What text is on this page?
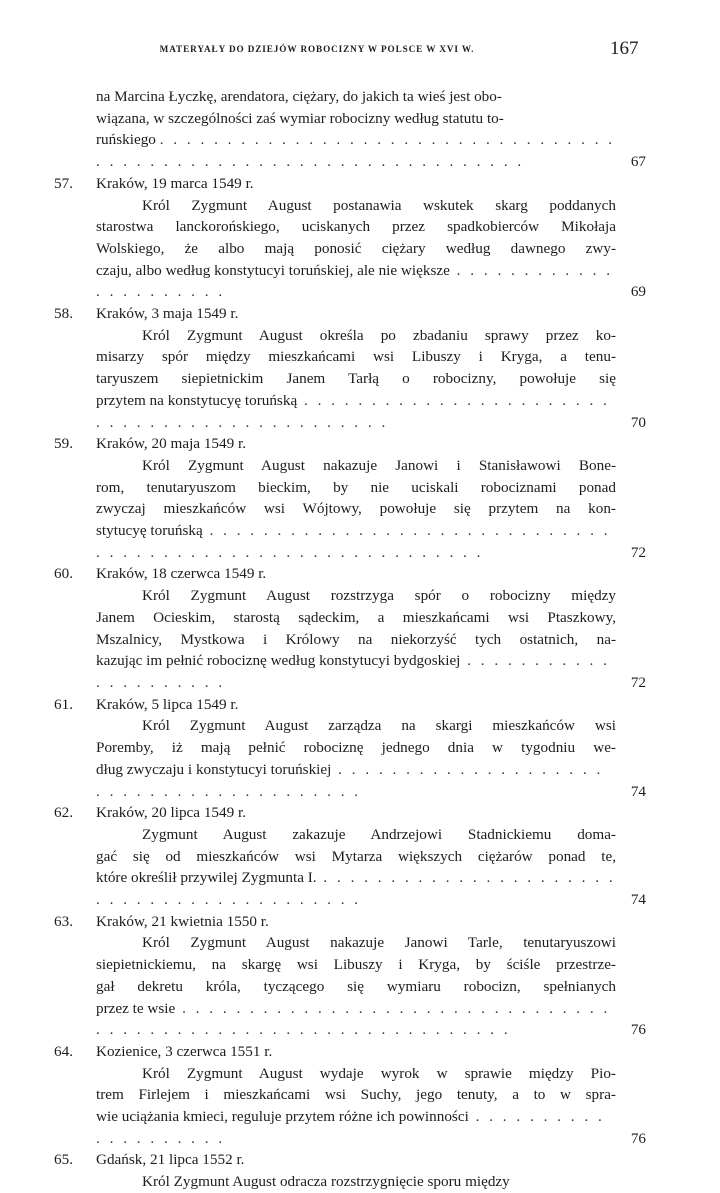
MATERYAŁY DO DZIEJÓW ROBOCIZNY W POLSCE W XVI W.	167
na Marcina Łyczkę, arendatora, ciężary, do jakich ta wieś jest obo-
wiązana, w szczególności zaś wymiar robocizny według statutu to-
ruńskiego . . . . . . . . . . . . . . . . . . . . . . . . . . . . . . . . . . . . . . . . . . . . . . . . . . . . . . . . . . . . . . . . . .	67
57.	Kraków, 19 marca 1549 r.
Król Zygmunt August postanawia wskutek skarg poddanych
starostwa lanckorońskiego, uciskanych przez spadkobierców Mikołaja
Wolskiego, że albo mają ponosić ciężary według dawnego zwy-
czaju, albo według konstytucyi toruńskiej, ale nie większe . . . . . . . . . . . . . . . . . . . . . .	69
58.	Kraków, 3 maja 1549 r.
Król Zygmunt August określa po zbadaniu sprawy przez ko-
misarzy spór między mieszkańcami wsi Libuszy i Kryga, a tenu-
taryuszem siepietnickim Janem Tarłą o robocizny, powołuje się
przytem na konstytucyę toruńską . . . . . . . . . . . . . . . . . . . . . . . . . . . . . . . . . . . . . . . . . . . . .	70
59.	Kraków, 20 maja 1549 r.
Król Zygmunt August nakazuje Janowi i Stanisławowi Bone-
rom, tenutaryuszom bieckim, by nie uciskali robociznami ponad
zwyczaj mieszkańców wsi Wójtowy, powołuje się przytem na kon-
stytucyę toruńską . . . . . . . . . . . . . . . . . . . . . . . . . . . . . . . . . . . . . . . . . . . . . . . . . . . . . . . . . . .	72
60.	Kraków, 18 czerwca 1549 r.
Król Zygmunt August rozstrzyga spór o robocizny między
Janem Ocieskim, starostą sądeckim, a mieszkańcami wsi Ptaszkowy,
Mszalnicy, Mystkowa i Królowy na niekorzyść tych ostatnich, na-
kazując im pełnić robociznę według konstytucyi bydgoskiej . . . . . . . . . . . . . . . . . . . . .	72
61.	Kraków, 5 lipca 1549 r.
Król Zygmunt August zarządza na skargi mieszkańców wsi
Poremby, iż mają pełnić robociznę jednego dnia w tygodniu we-
dług zwyczaju i konstytucyi toruńskiej . . . . . . . . . . . . . . . . . . . . . . . . . . . . . . . . . . . . . . . .	74
62.	Kraków, 20 lipca 1549 r.
Zygmunt August zakazuje Andrzejowi Stadnickiemu doma-
gać się od mieszkańców wsi Mytarza większych ciężarów ponad te,
które określił przywilej Zygmunta I. . . . . . . . . . . . . . . . . . . . . . . . . . . . . . . . . . . . . . . . . . .	74
63.	Kraków, 21 kwietnia 1550 r.
Król Zygmunt August nakazuje Janowi Tarle, tenutaryuszowi
siepietnickiemu, na skargę wsi Libuszy i Kryga, by ściśle przestrze-
gał dekretu króla, tyczącego się wymiaru robocizn, spełnianych
przez te wsie . . . . . . . . . . . . . . . . . . . . . . . . . . . . . . . . . . . . . . . . . . . . . . . . . . . . . . . . . . . . . . .	76
64.	Kozienice, 3 czerwca 1551 r.
Król Zygmunt August wydaje wyrok w sprawie między Pio-
trem Firlejem i mieszkańcami wsi Suchy, jego tenuty, a to w spra-
wie uciążania kmieci, reguluje przytem różne ich powinności . . . . . . . . . . . . . . . . . . . .	76
65.	Gdańsk, 21 lipca 1552 r.
Król Zygmunt August odracza rozstrzygnięcie sporu między
